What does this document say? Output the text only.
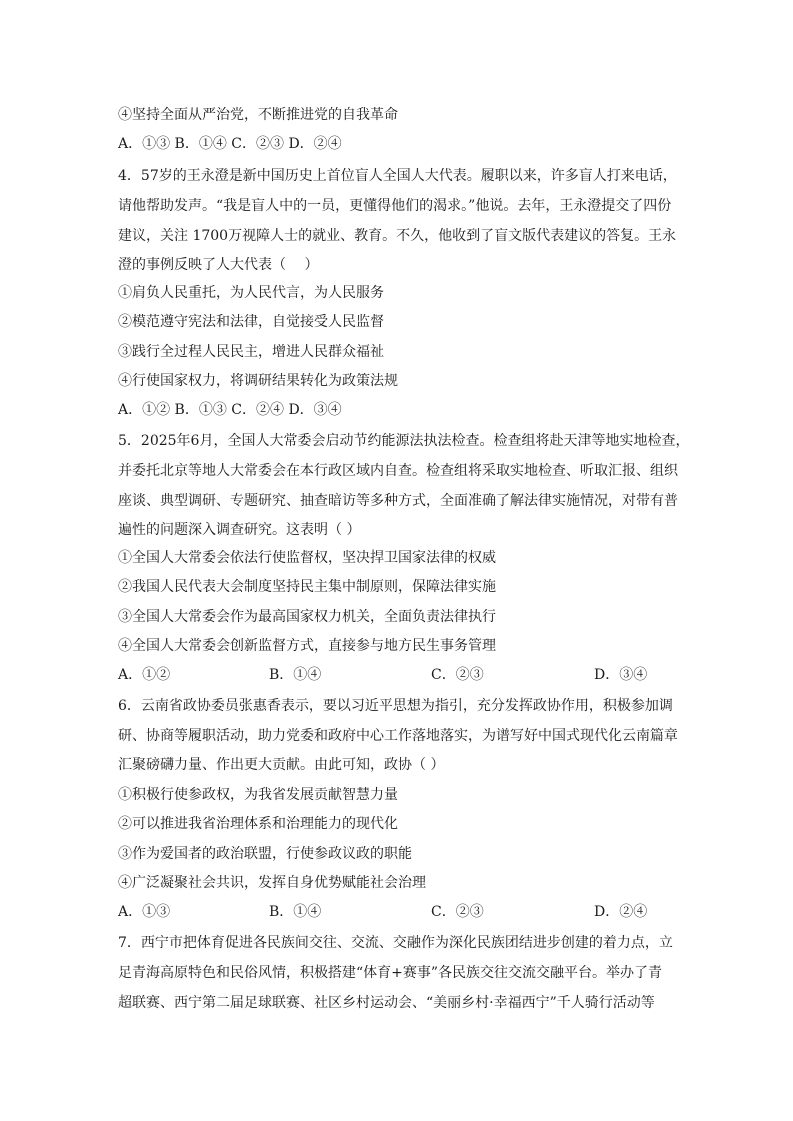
④坚持全面从严治党，不断推进党的自我革命
A．①③ B．①④ C．②③ D．②④
4．57岁的王永澄是新中国历史上首位盲人全国人大代表。履职以来，许多盲人打来电话，
请他帮助发声。“我是盲人中的一员，更懂得他们的渴求。”他说。去年，王永澄提交了四份
建议，关注 1700万视障人士的就业、教育。不久，他收到了盲文版代表建议的答复。王永
澄的事例反映了人大代表（　 ）
①肩负人民重托，为人民代言，为人民服务
②模范遵守宪法和法律，自觉接受人民监督
③践行全过程人民民主，增进人民群众福祉
④行使国家权力，将调研结果转化为政策法规
A．①② B．①③ C．②④ D．③④
5．2025年6月，全国人大常委会启动节约能源法执法检查。检查组将赴天津等地实地检查，
并委托北京等地人大常委会在本行政区域内自查。检查组将采取实地检查、听取汇报、组织
座谈、典型调研、专题研究、抽查暗访等多种方式，全面准确了解法律实施情况，对带有普
遍性的问题深入调查研究。这表明（ ）
①全国人大常委会依法行使监督权，坚决捍卫国家法律的权威
②我国人民代表大会制度坚持民主集中制原则，保障法律实施
③全国人大常委会作为最高国家权力机关，全面负责法律执行
④全国人大常委会创新监督方式，直接参与地方民生事务管理
A．①②	B．①④	C．②③	D．③④
6．云南省政协委员张惠香表示，要以习近平思想为指引，充分发挥政协作用，积极参加调
研、协商等履职活动，助力党委和政府中心工作落地落实，为谱写好中国式现代化云南篇章
汇聚磅礴力量、作出更大贡献。由此可知，政协（ ）
①积极行使参政权，为我省发展贡献智慧力量
②可以推进我省治理体系和治理能力的现代化
③作为爱国者的政治联盟，行使参政议政的职能
④广泛凝聚社会共识，发挥自身优势赋能社会治理
A．①③	B．①④	C．②③	D．②④
7．西宁市把体育促进各民族间交往、交流、交融作为深化民族团结进步创建的着力点，立
足青海高原特色和民俗风情，积极搭建“体育+赛事”各民族交往交流交融平台。举办了青
超联赛、西宁第二届足球联赛、社区乡村运动会、“美丽乡村·幸福西宁”千人骑行活动等
